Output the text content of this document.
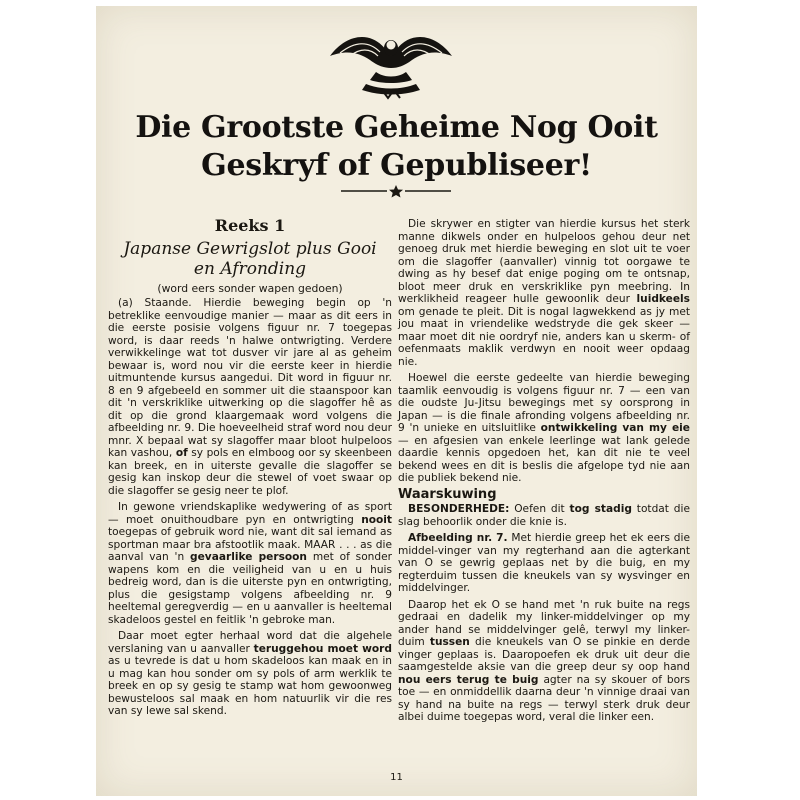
Die Grootste Geheime Nog Ooit
Geskryf of Gepubliseer!
Reeks 1
Japanse Gewrigslot plus Gooi
en Afronding
(word eers sonder wapen gedoen)

(a) Staande. Hierdie beweging begin op 'n betreklike eenvoudige manier — maar as dit eers in die eerste posisie volgens figuur nr. 7 toegepas word, is daar reeds 'n halwe ontwrigting. Verdere verwikkelinge wat tot dusver vir jare al as geheim bewaar is, word nou vir die eerste keer in hierdie uitmuntende kursus aangedui. Dit word in figuur nr. 8 en 9 afgebeeld en sommer uit die staanspoor kan dit 'n verskriklike uitwerking op die slagoffer hê as dit op die grond klaargemaak word volgens die afbeelding nr. 9. Die hoeveelheid straf word nou deur mnr. X bepaal wat sy slagoffer maar bloot hulpeloos kan vashou, of sy pols en elmboog oor sy skeenbeen kan breek, en in uiterste gevalle die slagoffer se gesig kan inskop deur die stewel of voet swaar op die slagoffer se gesig neer te plof.

In gewone vriendskaplike wedywering of as sport — moet onuithoudbare pyn en ontwrigting nooit toegepas of gebruik word nie, want dit sal iemand as sportman maar bra afstootlik maak. MAAR . . . as die aanval van 'n gevaarlike persoon met of sonder wapens kom en die veiligheid van u en u huis bedreig word, dan is die uiterste pyn en ontwrigting, plus die gesigstamp volgens afbeelding nr. 9 heeltemal geregverdig — en u aanvaller is heeltemal skadeloos gestel en feitlik 'n gebroke man.

Daar moet egter herhaal word dat die algehele verslaning van u aanvaller teruggehou moet word as u tevrede is dat u hom skadeloos kan maak en in u mag kan hou sonder om sy pols of arm werklik te breek en op sy gesig te stamp wat hom gewoonweg bewusteloos sal maak en hom natuurlik vir die res van sy lewe sal skend.

Die skrywer en stigter van hierdie kursus het sterk manne dikwels onder en hulpeloos gehou deur net genoeg druk met hierdie beweging en slot uit te voer om die slagoffer (aanvaller) vinnig tot oorgawe te dwing as hy besef dat enige poging om te ontsnap, bloot meer druk en verskriklike pyn meebring. In werklikheid reageer hulle gewoonlik deur luidkeels om genade te pleit. Dit is nogal lagwekkend as jy met jou maat in vriendelike wedstryde die gek skeer — maar moet dit nie oordryf nie, anders kan u skerm- of oefenmaats maklik verdwyn en nooit weer opdaag nie.

Hoewel die eerste gedeelte van hierdie beweging taamlik eenvoudig is volgens figuur nr. 7 — een van die oudste Ju-Jitsu bewegings met sy oorsprong in Japan — is die finale afronding volgens afbeelding nr. 9 'n unieke en uitsluitlike ontwikkeling van my eie — en afgesien van enkele leerlinge wat lank gelede daardie kennis opgedoen het, kan dit nie te veel bekend wees en dit is beslis die afgelope tyd nie aan die publiek bekend nie.

Waarskuwing

BESONDERHEDE: Oefen dit tog stadig totdat die slag behoorlik onder die knie is.

Afbeelding nr. 7. Met hierdie greep het ek eers die middel-vinger van my regterhand aan die agterkant van O se gewrig geplaas net by die buig, en my regterduim tussen die kneukels van sy wysvinger en middelvinger.

Daarop het ek O se hand met 'n ruk buite na regs gedraai en dadelik my linker-middelvinger op my ander hand se middelvinger gelê, terwyl my linker-duim tussen die kneukels van O se pinkie en derde vinger geplaas is. Daaropoefen ek druk uit deur die saamgestelde aksie van die greep deur sy oop hand nou eers terug te buig agter na sy skouer of bors toe — en onmiddellik daarna deur 'n vinnige draai van sy hand na buite na regs — terwyl sterk druk deur albei duime toegepas word, veral die linker een.

11
